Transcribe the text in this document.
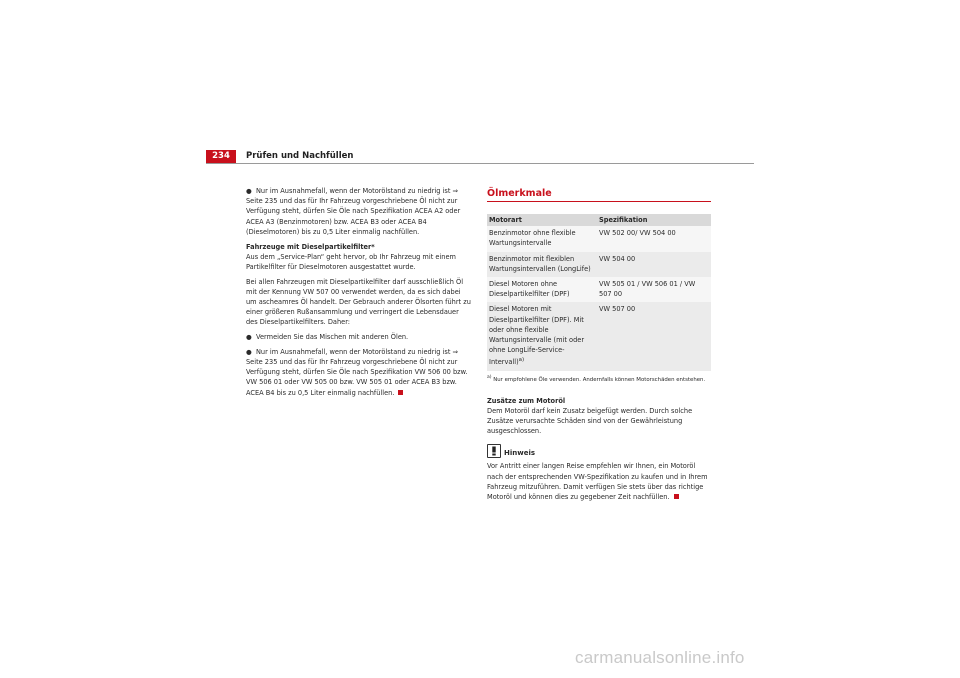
234	Prüfen und Nachfüllen

● Nur im Ausnahmefall, wenn der Motorölstand zu niedrig ist ⇒ Seite 235 und das für Ihr Fahrzeug vorgeschriebene Öl nicht zur Verfügung steht, dürfen Sie Öle nach Spezifikation ACEA A2 oder ACEA A3 (Benzinmotoren) bzw. ACEA B3 oder ACEA B4 (Dieselmotoren) bis zu 0,5 Liter einmalig nachfüllen.

Fahrzeuge mit Dieselpartikelfilter*

Aus dem „Service-Plan“ geht hervor, ob Ihr Fahrzeug mit einem Partikelfilter für Dieselmotoren ausgestattet wurde.

Bei allen Fahrzeugen mit Dieselpartikelfilter darf ausschließlich Öl mit der Kennung VW 507 00 verwendet werden, da es sich dabei um ascheamres Öl handelt. Der Gebrauch anderer Ölsorten führt zu einer größeren Rußansammlung und verringert die Lebensdauer des Dieselpartikelfilters. Daher:

● Vermeiden Sie das Mischen mit anderen Ölen.

● Nur im Ausnahmefall, wenn der Motorölstand zu niedrig ist ⇒ Seite 235 und das für Ihr Fahrzeug vorgeschriebene Öl nicht zur Verfügung steht, dürfen Sie Öle nach Spezifikation VW 506 00 bzw. VW 506 01 oder VW 505 00 bzw. VW 505 01 oder ACEA B3 bzw. ACEA B4 bis zu 0,5 Liter einmalig nachfüllen.

Ölmerkmale
Motorart	Spezifikation
Benzinmotor ohne flexible Wartungsintervalle	VW 502 00/ VW 504 00
Benzinmotor mit flexiblen Wartungsintervallen (LongLife)	VW 504 00
Diesel Motoren ohne Dieselpartikelfilter (DPF)	VW 505 01 / VW 506 01 / VW 507 00
Diesel Motoren mit Dieselpartikelfilter (DPF). Mit oder ohne flexible Wartungsintervalle (mit oder ohne LongLife-Service-Intervall)$^{a)}$	VW 507 00
$^{a)}$ Nur empfohlene Öle verwenden. Andernfalls können Motorschäden entstehen.

Zusätze zum Motoröl

Dem Motoröl darf kein Zusatz beigefügt werden. Durch solche Zusätze verursachte Schäden sind von der Gewährleistung ausgeschlossen.

Hinweis

Vor Antritt einer langen Reise empfehlen wir Ihnen, ein Motoröl nach der entsprechenden VW-Spezifikation zu kaufen und in Ihrem Fahrzeug mitzuführen. Damit verfügen Sie stets über das richtige Motoröl und können dies zu gegebener Zeit nachfüllen.

carmanualsonline.info
